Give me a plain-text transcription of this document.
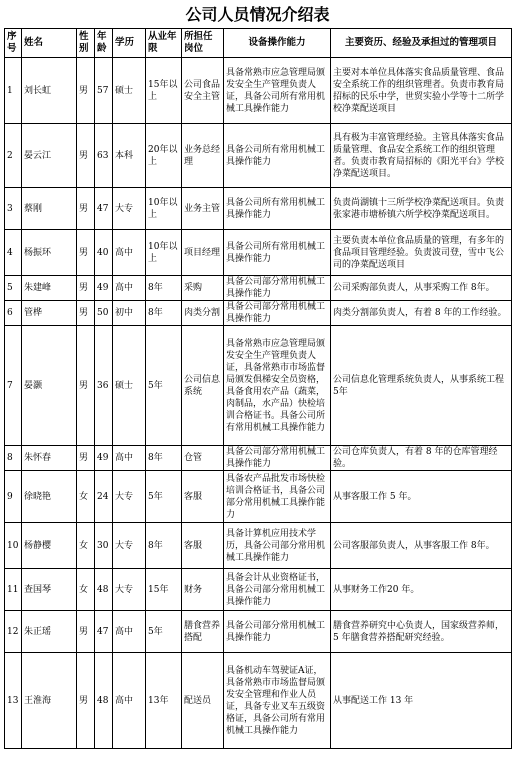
公司人员情况介绍表
序号	姓名	性别	年龄	学历	从业年限	所担任岗位	设备操作能力	主要资历、经验及承担过的管理项目
1	刘长虹	男	57	硕士	15年以上	公司食品安全主管	具备常熟市应急管理局颁发安全生产管理负责人证，具备公司所有常用机械工具操作能力	主要对本单位具体落实食品质量管理、食品安全系统工作的组织管理者。负责市教育局招标的民乐中学，世贸实验小学等十二所学校净菜配送项目
2	晏云江	男	63	本科	20年以上	业务总经理	具备公司所有常用机械工具操作能力	具有极为丰富管理经验。主管具体落实食品质量管理、食品安全系统工作的组织管理者。负责市教育局招标的《阳光平台》学校净菜配送项目。
3	蔡刚	男	47	大专	10年以上	业务主管	具备公司所有常用机械工具操作能力	负责尚湖镇十三所学校净菜配送项目。负责张家港市塘桥镇六所学校净菜配送项目。
4	杨振环	男	40	高中	10年以上	项目经理	具备公司所有常用机械工具操作能力	主要负责本单位食品质量的管理，有多年的食品项目管理经验。负责波司登，雪中飞公司的净菜配送项目
5	朱建峰	男	49	高中	8年	采购	具备公司部分常用机械工具操作能力	公司采购部负责人，从事采购工作 8年。
6	管桦	男	50	初中	8年	肉类分割	具备公司部分常用机械工具操作能力	肉类分割部负责人，有着 8 年的工作经验。
7	晏灏	男	36	硕士	5年	公司信息系统	具备常熟市应急管理局颁发安全生产管理负责人证，具备常熟市市场监督局颁发俱梯安全员资格，具备食用农产品（蔬菜，肉制品，水产品）快检培训合格证书。具备公司所有常用机械工具操作能力	公司信息化管理系统负责人，从事系统工程5年
8	朱怀春	男	49	高中	8年	仓管	具备公司部分常用机械工具操作能力	公司仓库负责人，有着 8 年的仓库管理经验。
9	徐晓艳	女	24	大专	5年	客服	具备农产品批发市场快检培训合格证书，具备公司部分常用机械工具操作能力	从事客服工作 5 年。
10	杨静樱	女	30	大专	8年	客服	具备计算机应用技术学历，具备公司部分常用机械工具操作能力	公司客服部负责人，从事客服工作 8年。
11	查国琴	女	48	大专	15年	财务	具备会计从业资格证书，具备公司部分常用机械工具操作能力	从事财务工作20 年。
12	朱正瑶	男	47	高中	5年	膳食营养搭配	具备公司部分常用机械工具操作能力	膳食营养研究中心负责人，国家级营养师， 5 年膳食营养搭配研究经验。
13	王淮海	男	48	高中	13年	配送员	具备机动车驾驶证A证，具备常熟市市场监督局颁发安全管理和作业人员证，具备专业叉车五级资格证，具备公司所有常用机械工具操作能力	从事配送工作 13 年
